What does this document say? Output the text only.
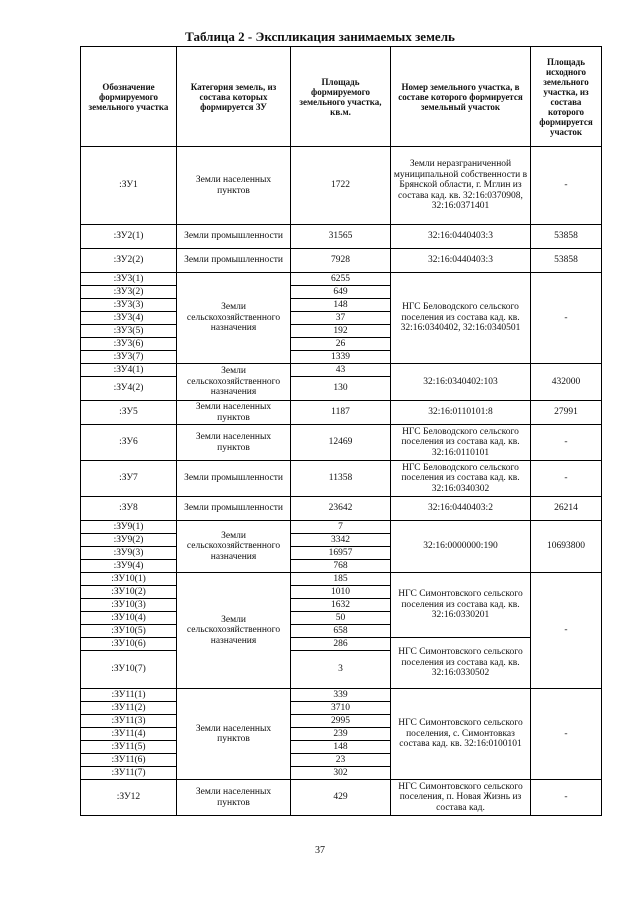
Таблица 2 - Экспликация занимаемых земель
Обозначение формируемого земельного участка	Категория земель, из состава которых формируется ЗУ	Площадь формируемого земельного участка, кв.м.	Номер земельного участка, в составе которого формируется земельный участок	Площадь исходного земельного участка, из состава которого формируется участок
:ЗУ1	Земли населенных пунктов	1722	Земли неразграниченной муниципальной собственности в Брянской области, г. Мглин из состава кад. кв. 32:16:0370908, 32:16:0371401	-
:ЗУ2(1)	Земли промышленности	31565	32:16:0440403:3	53858
:ЗУ2(2)	Земли промышленности	7928	32:16:0440403:3	53858
:ЗУ3(1)	Земли сельскохозяйственного назначения	6255	НГС Беловодского сельского поселения из состава кад. кв. 32:16:0340402, 32:16:0340501	-
:ЗУ3(2)		649		
:ЗУ3(3)		148		
:ЗУ3(4)		37		
:ЗУ3(5)		192		
:ЗУ3(6)		26		
:ЗУ3(7)		1339		
:ЗУ4(1)	Земли сельскохозяйственного назначения	43	32:16:0340402:103	432000
:ЗУ4(2)		130		
:ЗУ5	Земли населенных пунктов	1187	32:16:0110101:8	27991
:ЗУ6	Земли населенных пунктов	12469	НГС Беловодского сельского поселения из состава кад. кв. 32:16:0110101	-
:ЗУ7	Земли промышленности	11358	НГС Беловодского сельского поселения из состава кад. кв. 32:16:0340302	-
:ЗУ8	Земли промышленности	23642	32:16:0440403:2	26214
:ЗУ9(1)	Земли сельскохозяйственного назначения	7	32:16:0000000:190	10693800
:ЗУ9(2)		3342		
:ЗУ9(3)		16957		
:ЗУ9(4)		768		
:ЗУ10(1)	Земли сельскохозяйственного назначения	185	НГС Симонтовского сельского поселения из состава кад. кв. 32:16:0330201	-
:ЗУ10(2)		1010		
:ЗУ10(3)		1632		
:ЗУ10(4)		50		
:ЗУ10(5)		658		
:ЗУ10(6)		286	НГС Симонтовского сельского поселения из состава кад. кв. 32:16:0330502	
:ЗУ10(7)		3		
:ЗУ11(1)	Земли населенных пунктов	339	НГС Симонтовского сельского поселения, с. Симонтовказ состава кад. кв. 32:16:0100101	-
:ЗУ11(2)		3710		
:ЗУ11(3)		2995		
:ЗУ11(4)		239		
:ЗУ11(5)		148		
:ЗУ11(6)		23		
:ЗУ11(7)		302		
:ЗУ12	Земли населенных пунктов	429	НГС Симонтовского сельского поселения, п. Новая Жизнь из состава кад.	-

37
